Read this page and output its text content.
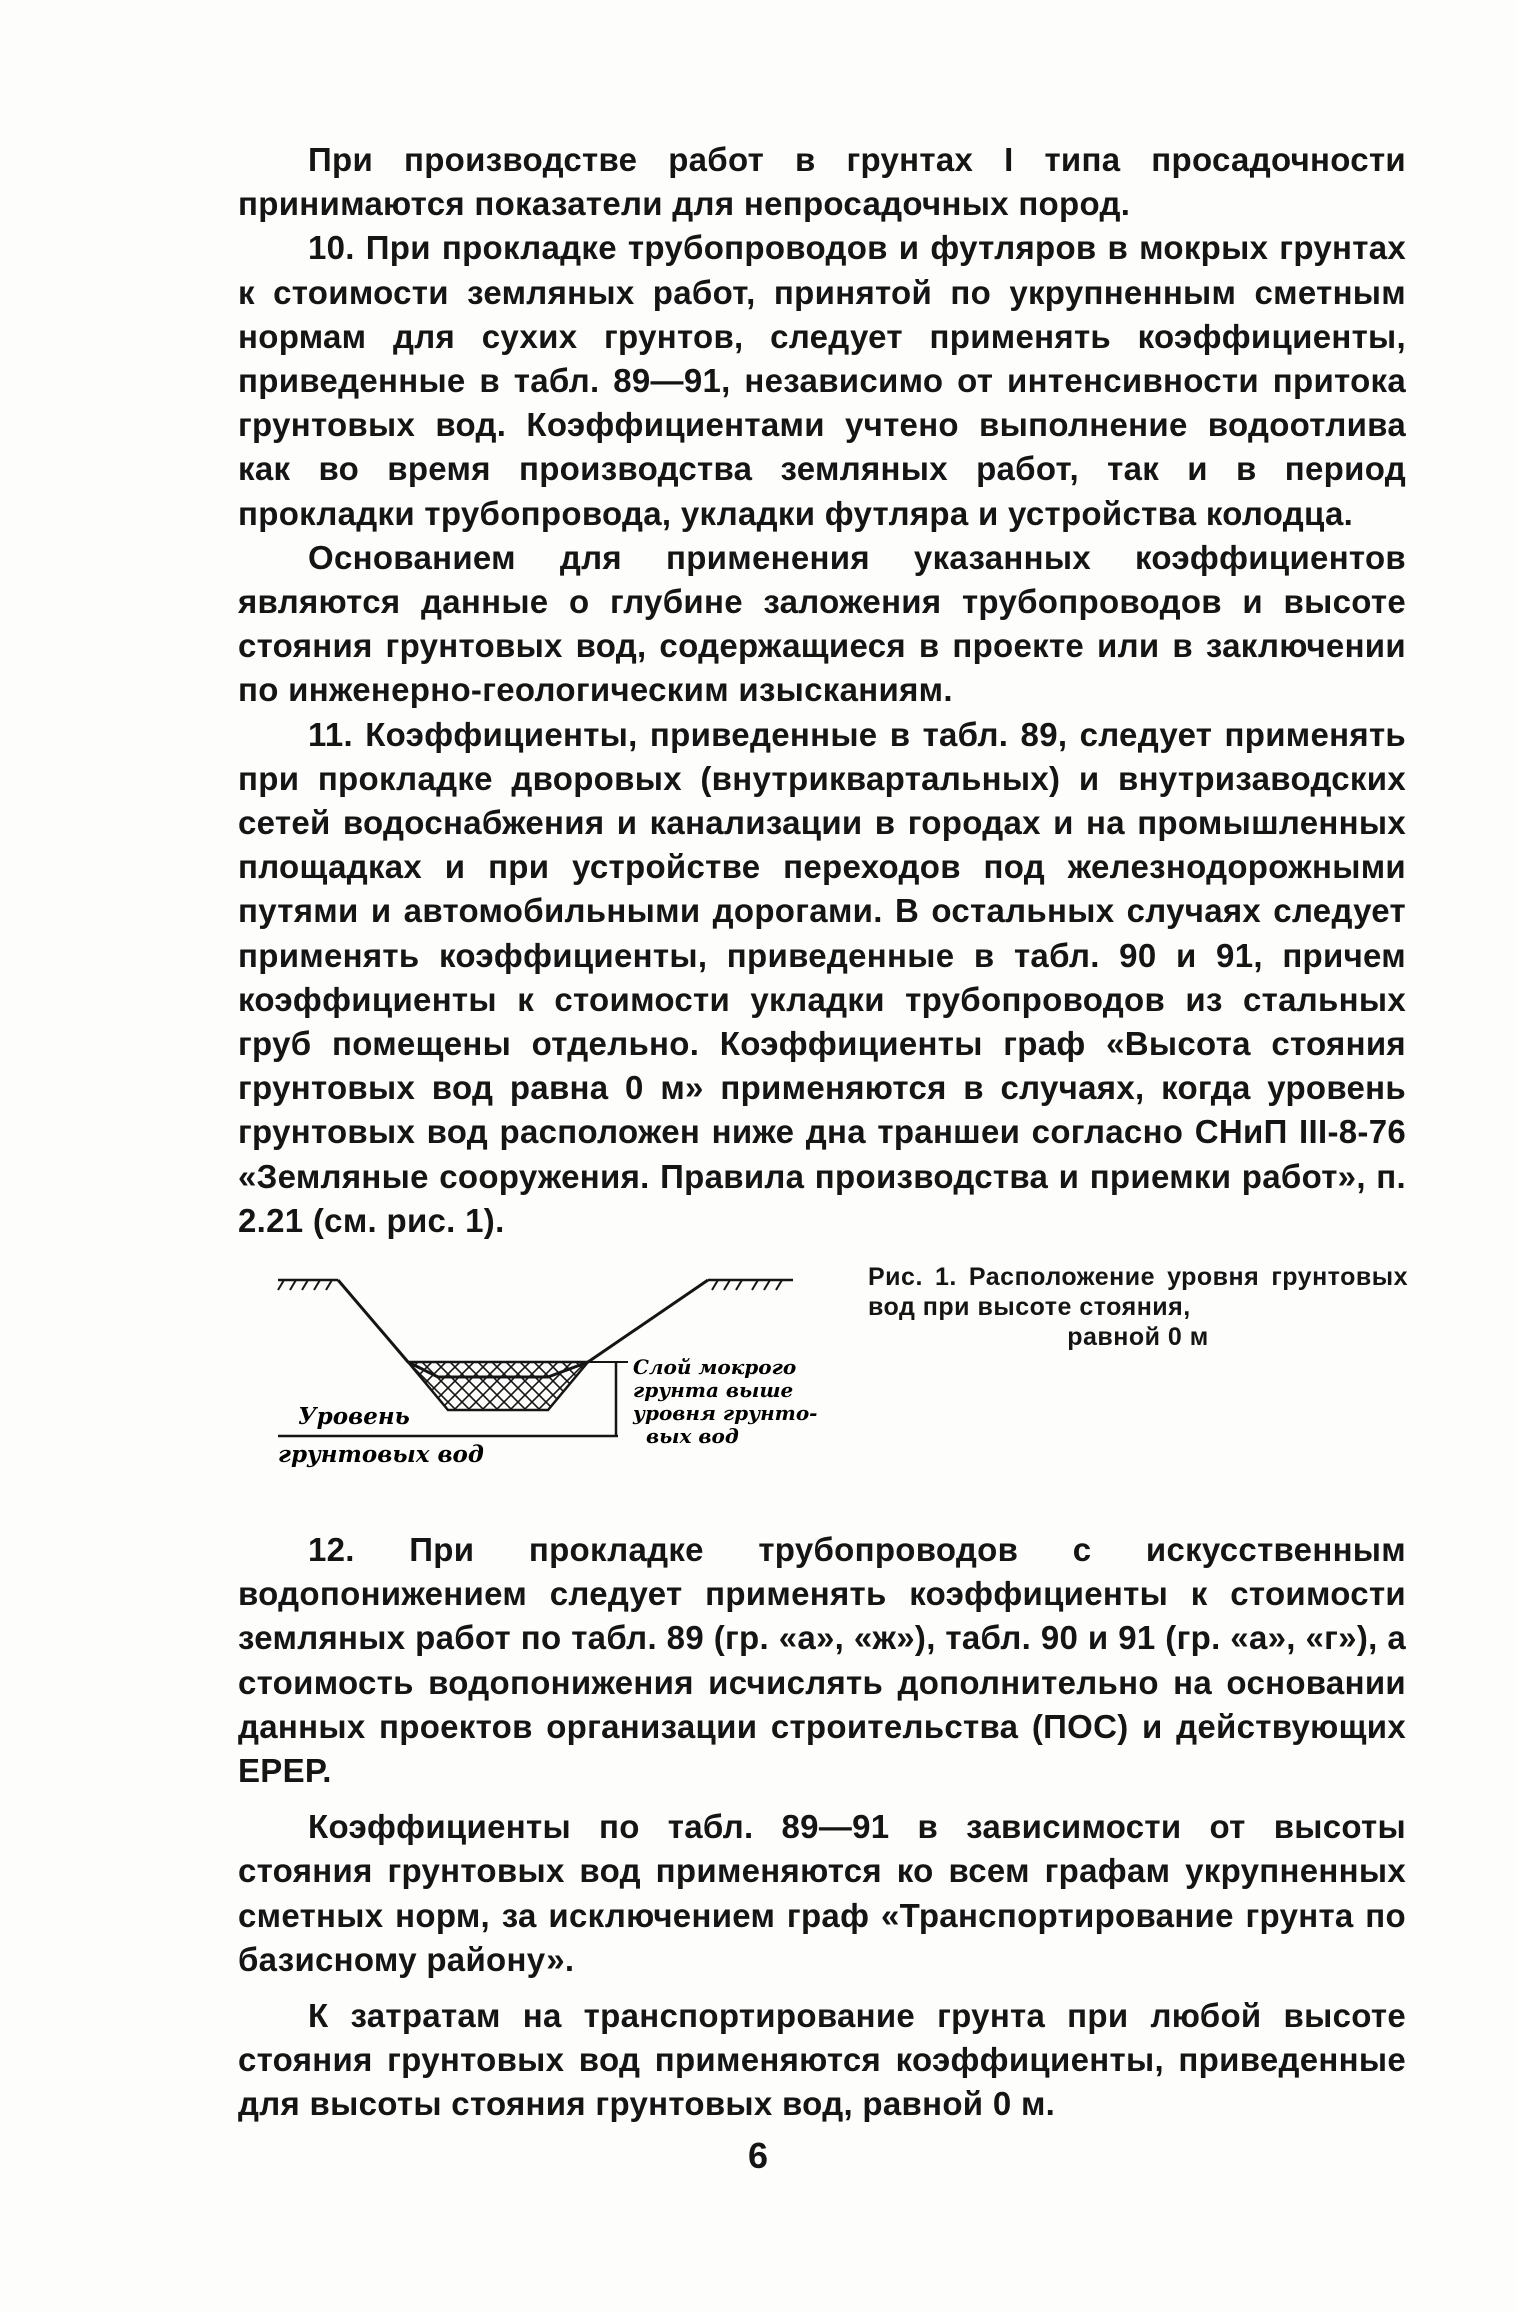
При производстве работ в грунтах I типа просадочности принимаются показатели для непросадочных пород.

10. При прокладке трубопроводов и футляров в мокрых грунтах к стоимости земляных работ, принятой по укрупненным сметным нормам для сухих грунтов, следует применять коэффициенты, приведенные в табл. 89—91, независимо от интенсивности притока грунтовых вод. Коэффициентами учтено выполнение водоотлива как во время производства земляных работ, так и в период прокладки трубопровода, укладки футляра и устройства колодца.

Основанием для применения указанных коэффициентов являются данные о глубине заложения трубопроводов и высоте стояния грунтовых вод, содержащиеся в проекте или в заключении по инженерно-геологическим изысканиям.

11. Коэффициенты, приведенные в табл. 89, следует применять при прокладке дворовых (внутриквартальных) и внутризаводских сетей водоснабжения и канализации в городах и на промышленных площадках и при устройстве переходов под железнодорожными путями и автомобильными дорогами. В остальных случаях следует применять коэффициенты, приведенные в табл. 90 и 91, причем коэффициенты к стоимости укладки трубопроводов из стальных груб помещены отдельно. Коэффициенты граф «Высота стояния грунтовых вод равна 0 м» применяются в случаях, когда уровень грунтовых вод расположен ниже дна траншеи согласно СНиП III-8-76 «Земляные сооружения. Правила производства и приемки работ», п. 2.21 (см. рис. 1).

Уровень
грунтовых вод
Слой мокрого
грунта выше
уровня грунто-
вых вод
Рис. 1. Расположение уровня грунтовых вод при высоте стояния,
равной 0 м

12. При прокладке трубопроводов с искусственным водопонижением следует применять коэффициенты к стоимости земляных работ по табл. 89 (гр. «а», «ж»), табл. 90 и 91 (гр. «а», «г»), а стоимость водопонижения исчислять дополнительно на основании данных проектов организации строительства (ПОС) и действующих ЕРЕР.

Коэффициенты по табл. 89—91 в зависимости от высоты стояния грунтовых вод применяются ко всем графам укрупненных сметных норм, за исключением граф «Транспортирование грунта по базисному району».

К затратам на транспортирование грунта при любой высоте стояния грунтовых вод применяются коэффициенты, приведенные для высоты стояния грунтовых вод, равной 0 м.

6
